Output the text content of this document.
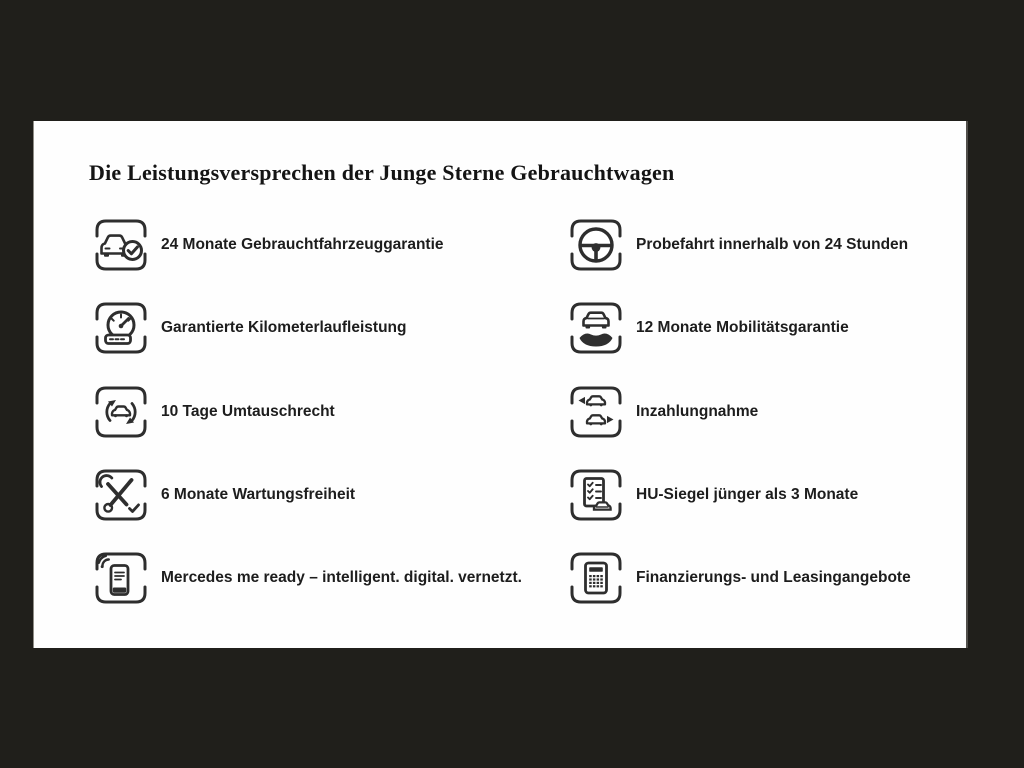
Die Leistungsversprechen der Junge Sterne Gebrauchtwagen
24 Monate Gebrauchtfahrzeuggarantie
Garantierte Kilometerlaufleistung
10 Tage Umtauschrecht
6 Monate Wartungsfreiheit
Mercedes me ready – intelligent. digital. vernetzt.
Probefahrt innerhalb von 24 Stunden
12 Monate Mobilitätsgarantie
Inzahlungnahme
HU-Siegel jünger als 3 Monate
Finanzierungs- und Leasingangebote
